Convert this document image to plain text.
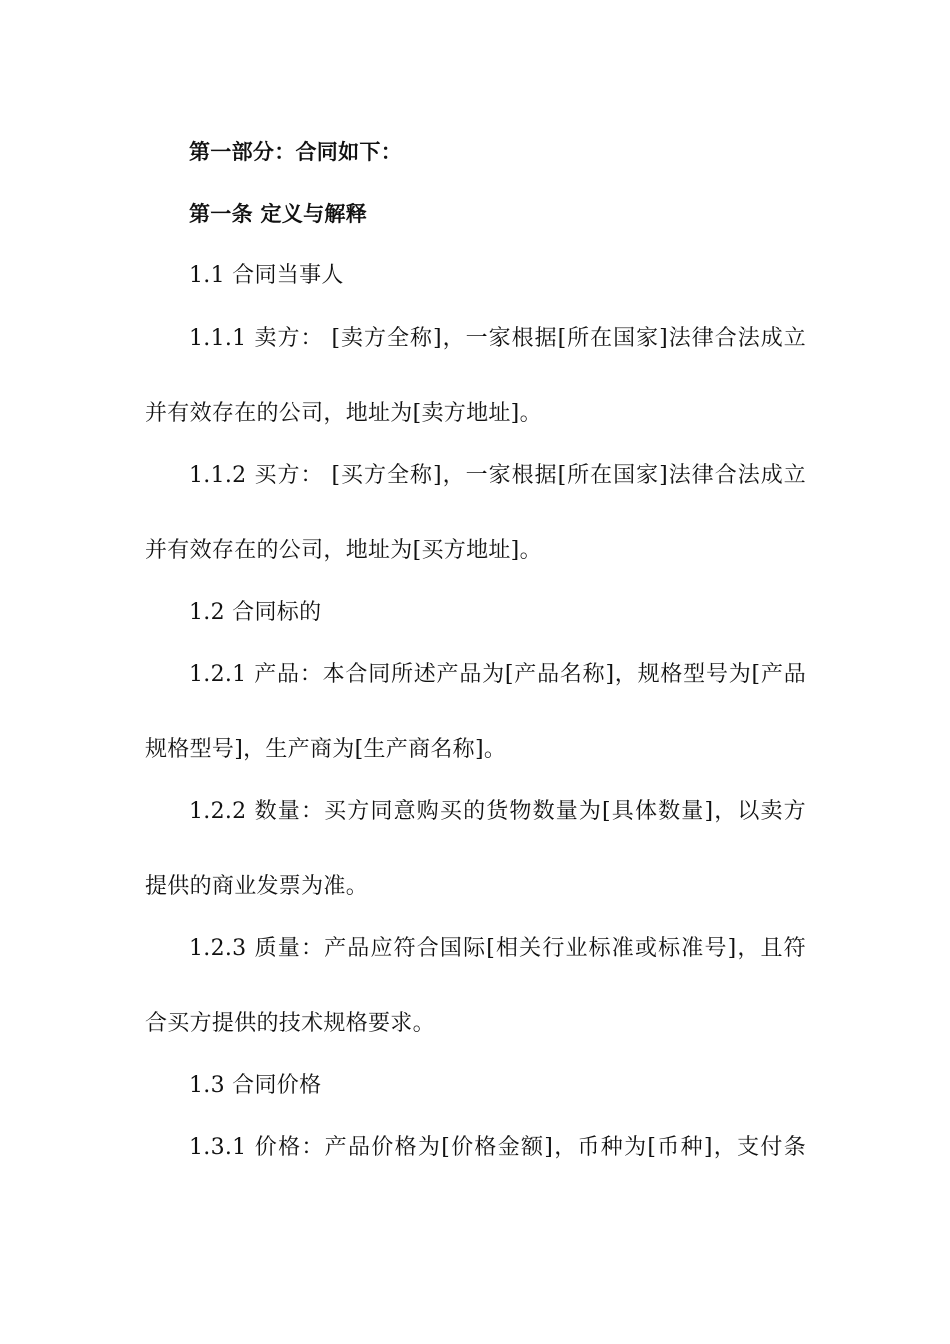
第一部分：合同如下：
第一条 定义与解释
1.1 合同当事人
1.1.1 卖方： [卖方全称]，一家根据[所在国家]法律合法成立
并有效存在的公司，地址为[卖方地址]。
1.1.2 买方： [买方全称]，一家根据[所在国家]法律合法成立
并有效存在的公司，地址为[买方地址]。
1.2 合同标的
1.2.1 产品：本合同所述产品为[产品名称]，规格型号为[产品
规格型号]，生产商为[生产商名称]。
1.2.2 数量：买方同意购买的货物数量为[具体数量]，以卖方
提供的商业发票为准。
1.2.3 质量：产品应符合国际[相关行业标准或标准号]，且符
合买方提供的技术规格要求。
1.3 合同价格
1.3.1 价格：产品价格为[价格金额]，币种为[币种]，支付条
